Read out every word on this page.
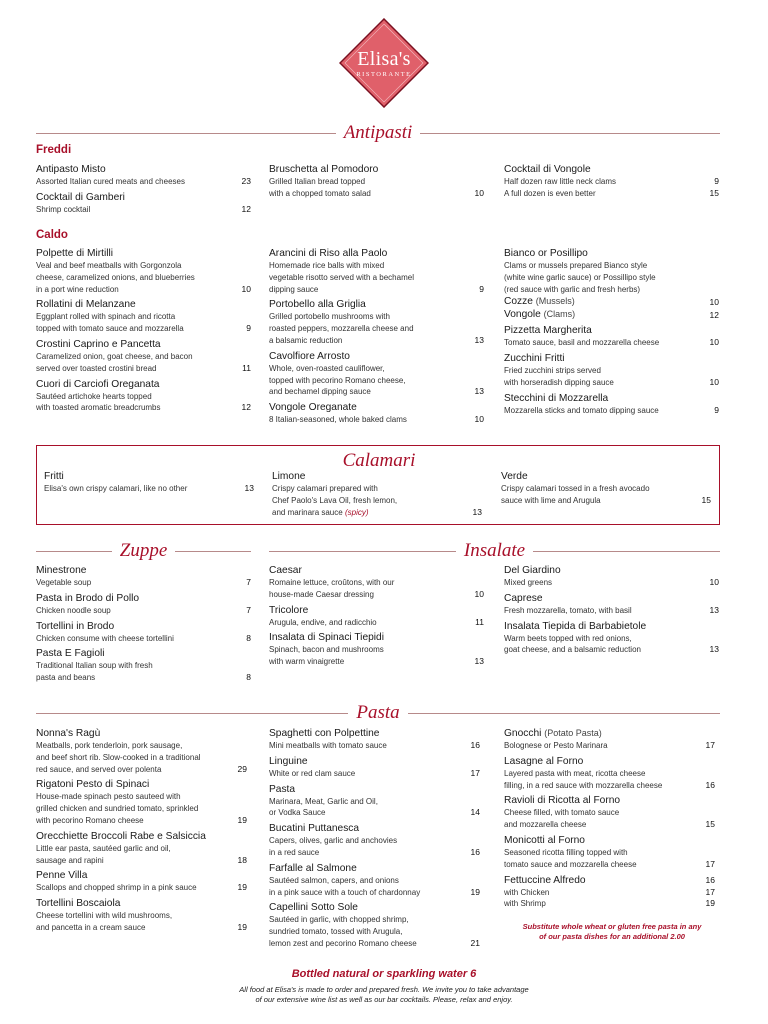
Elisa's
RISTORANTE
Antipasti
Freddi
Antipasto Misto
Assorted Italian cured meats and cheeses	23
Cocktail di Gamberi
Shrimp cocktail	12
Bruschetta al Pomodoro
Grilled Italian bread topped
with a chopped tomato salad	10
Cocktail di Vongole
Half dozen raw little neck clams	9
A full dozen is even better	15
Caldo
Polpette di Mirtilli
Veal and beef meatballs with Gorgonzola
cheese, caramelized onions, and blueberries
in a port wine reduction	10
Rollatini di Melanzane
Eggplant rolled with spinach and ricotta
topped with tomato sauce and mozzarella	9
Crostini Caprino e Pancetta
Caramelized onion, goat cheese, and bacon
served over toasted crostini bread	11
Cuori di Carciofi Oreganata
Sautéed artichoke hearts topped
with toasted aromatic breadcrumbs	12
Arancini di Riso alla Paolo
Homemade rice balls with mixed
vegetable risotto served with a bechamel
dipping sauce	9
Portobello alla Griglia
Grilled portobello mushrooms with
roasted peppers, mozzarella cheese and
a balsamic reduction	13
Cavolfiore Arrosto
Whole, oven-roasted cauliflower,
topped with pecorino Romano cheese,
and bechamel dipping sauce	13
Vongole Oreganate
8 Italian-seasoned, whole baked clams	10
Bianco or Posillipo
Clams or mussels prepared Bianco style
(white wine garlic sauce) or Possillipo style
(red sauce with garlic and fresh herbs)
Cozze (Mussels)	10
Vongole (Clams)	12
Pizzetta Margherita
Tomato sauce, basil and mozzarella cheese	10
Zucchini Fritti
Fried zucchini strips served
with horseradish dipping sauce	10
Stecchini di Mozzarella
Mozzarella sticks and tomato dipping sauce	9
Calamari
Fritti
Elisa's own crispy calamari, like no other	13
Limone
Crispy calamari prepared with
Chef Paolo's Lava Oil, fresh lemon,
and marinara sauce (spicy)	13
Verde
Crispy calamari tossed in a fresh avocado
sauce with lime and Arugula	15
Zuppe	Insalate
Minestrone
Vegetable soup	7
Pasta in Brodo di Pollo
Chicken noodle soup	7
Tortellini in Brodo
Chicken consume with cheese tortellini	8
Pasta E Fagioli
Traditional Italian soup with fresh
pasta and beans	8
Caesar
Romaine lettuce, croûtons, with our
house-made Caesar dressing	10
Tricolore
Arugula, endive, and radicchio	11
Insalata di Spinaci Tiepidi
Spinach, bacon and mushrooms
with warm vinaigrette	13
Del Giardino
Mixed greens	10
Caprese
Fresh mozzarella, tomato, with basil	13
Insalata Tiepida di Barbabietole
Warm beets topped with red onions,
goat cheese, and a balsamic reduction	13
Pasta
Nonna's Ragù
Meatballs, pork tenderloin, pork sausage,
and beef short rib. Slow-cooked in a traditional
red sauce, and served over polenta	29
Rigatoni Pesto di Spinaci
House-made spinach pesto sauteed with
grilled chicken and sundried tomato, sprinkled
with pecorino Romano cheese	19
Orecchiette Broccoli Rabe e Salsiccia
Little ear pasta, sautéed garlic and oil,
sausage and rapini	18
Penne Villa
Scallops and chopped shrimp in a pink sauce	19
Tortellini Boscaiola
Cheese tortellini with wild mushrooms,
and pancetta in a cream sauce	19
Spaghetti con Polpettine
Mini meatballs with tomato sauce	16
Linguine
White or red clam sauce	17
Pasta
Marinara, Meat, Garlic and Oil,
or Vodka Sauce	14
Bucatini Puttanesca
Capers, olives, garlic and anchovies
in a red sauce	16
Farfalle al Salmone
Sautéed salmon, capers, and onions
in a pink sauce with a touch of chardonnay	19
Capellini Sotto Sole
Sautéed in garlic, with chopped shrimp,
sundried tomato, tossed with Arugula,
lemon zest and pecorino Romano cheese	21
Gnocchi (Potato Pasta)
Bolognese or Pesto Marinara	17
Lasagne al Forno
Layered pasta with meat, ricotta cheese
filling, in a red sauce with mozzarella cheese	16
Ravioli di Ricotta al Forno
Cheese filled, with tomato sauce
and mozzarella cheese	15
Monicotti al Forno
Seasoned ricotta filling topped with
tomato sauce and mozzarella cheese	17
Fettuccine Alfredo	16
with Chicken	17
with Shrimp	19
Substitute whole wheat or gluten free pasta in any
of our pasta dishes for an additional 2.00
Bottled natural or sparkling water 6
All food at Elisa's is made to order and prepared fresh. We invite you to take advantage
of our extensive wine list as well as our bar cocktails. Please, relax and enjoy.
